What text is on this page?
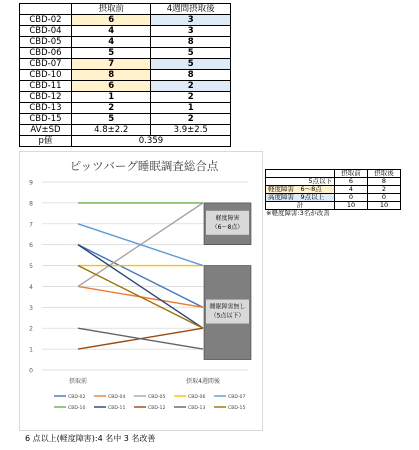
	摂取前	4週間摂取後
CBD-02	6	3
CBD-04	4	3
CBD-05	4	8
CBD-06	5	5
CBD-07	7	5
CBD-10	8	8
CBD-11	6	2
CBD-12	1	2
CBD-13	2	1
CBD-15	5	2
AV±SD	4.8±2.2	3.9±2.5
p値	0.359	
ピッツバーグ睡眠調査総合点
0
1
2
3
4
5
6
7
8
9
軽度障害
（6～8点）
睡眠障害無し
（5点以下）
摂取前	摂取4週間後
CBD-02	CBD-04	CBD-05	CBD-06	CBD-07
CBD-10	CBD-11	CBD-12	CBD-13	CBD-15
	摂取前	摂取後
5点以下	6	8
軽度障害　6～8点	4	2
高度障害　9点以上	0	0
計	10	10
※軽度障害:3名が改善
6 点以上(軽度障害):4 名中 3 名改善
